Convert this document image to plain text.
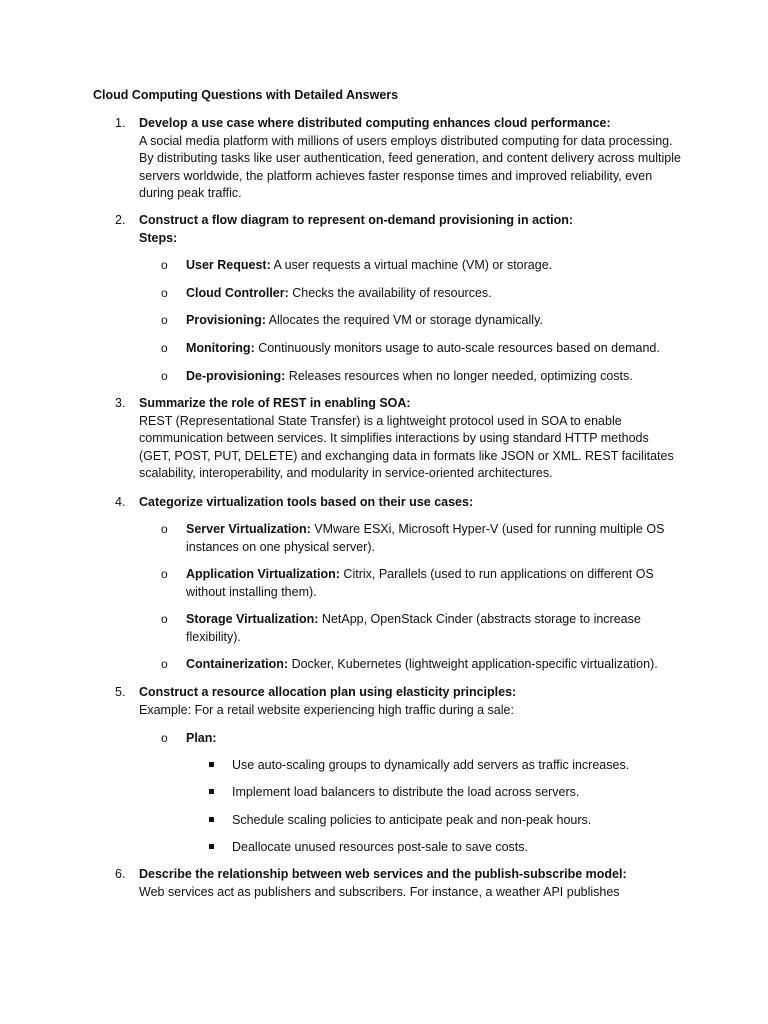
Cloud Computing Questions with Detailed Answers
1. Develop a use case where distributed computing enhances cloud performance:
A social media platform with millions of users employs distributed computing for data processing. By distributing tasks like user authentication, feed generation, and content delivery across multiple servers worldwide, the platform achieves faster response times and improved reliability, even during peak traffic.
2. Construct a flow diagram to represent on-demand provisioning in action:
Steps:
o User Request: A user requests a virtual machine (VM) or storage.
o Cloud Controller: Checks the availability of resources.
o Provisioning: Allocates the required VM or storage dynamically.
o Monitoring: Continuously monitors usage to auto-scale resources based on demand.
o De-provisioning: Releases resources when no longer needed, optimizing costs.
3. Summarize the role of REST in enabling SOA:
REST (Representational State Transfer) is a lightweight protocol used in SOA to enable communication between services. It simplifies interactions by using standard HTTP methods (GET, POST, PUT, DELETE) and exchanging data in formats like JSON or XML. REST facilitates scalability, interoperability, and modularity in service-oriented architectures.
4. Categorize virtualization tools based on their use cases:
o Server Virtualization: VMware ESXi, Microsoft Hyper-V (used for running multiple OS instances on one physical server).
o Application Virtualization: Citrix, Parallels (used to run applications on different OS without installing them).
o Storage Virtualization: NetApp, OpenStack Cinder (abstracts storage to increase flexibility).
o Containerization: Docker, Kubernetes (lightweight application-specific virtualization).
5. Construct a resource allocation plan using elasticity principles:
Example: For a retail website experiencing high traffic during a sale:
o Plan:
Use auto-scaling groups to dynamically add servers as traffic increases.
Implement load balancers to distribute the load across servers.
Schedule scaling policies to anticipate peak and non-peak hours.
Deallocate unused resources post-sale to save costs.
6. Describe the relationship between web services and the publish-subscribe model:
Web services act as publishers and subscribers. For instance, a weather API publishes
